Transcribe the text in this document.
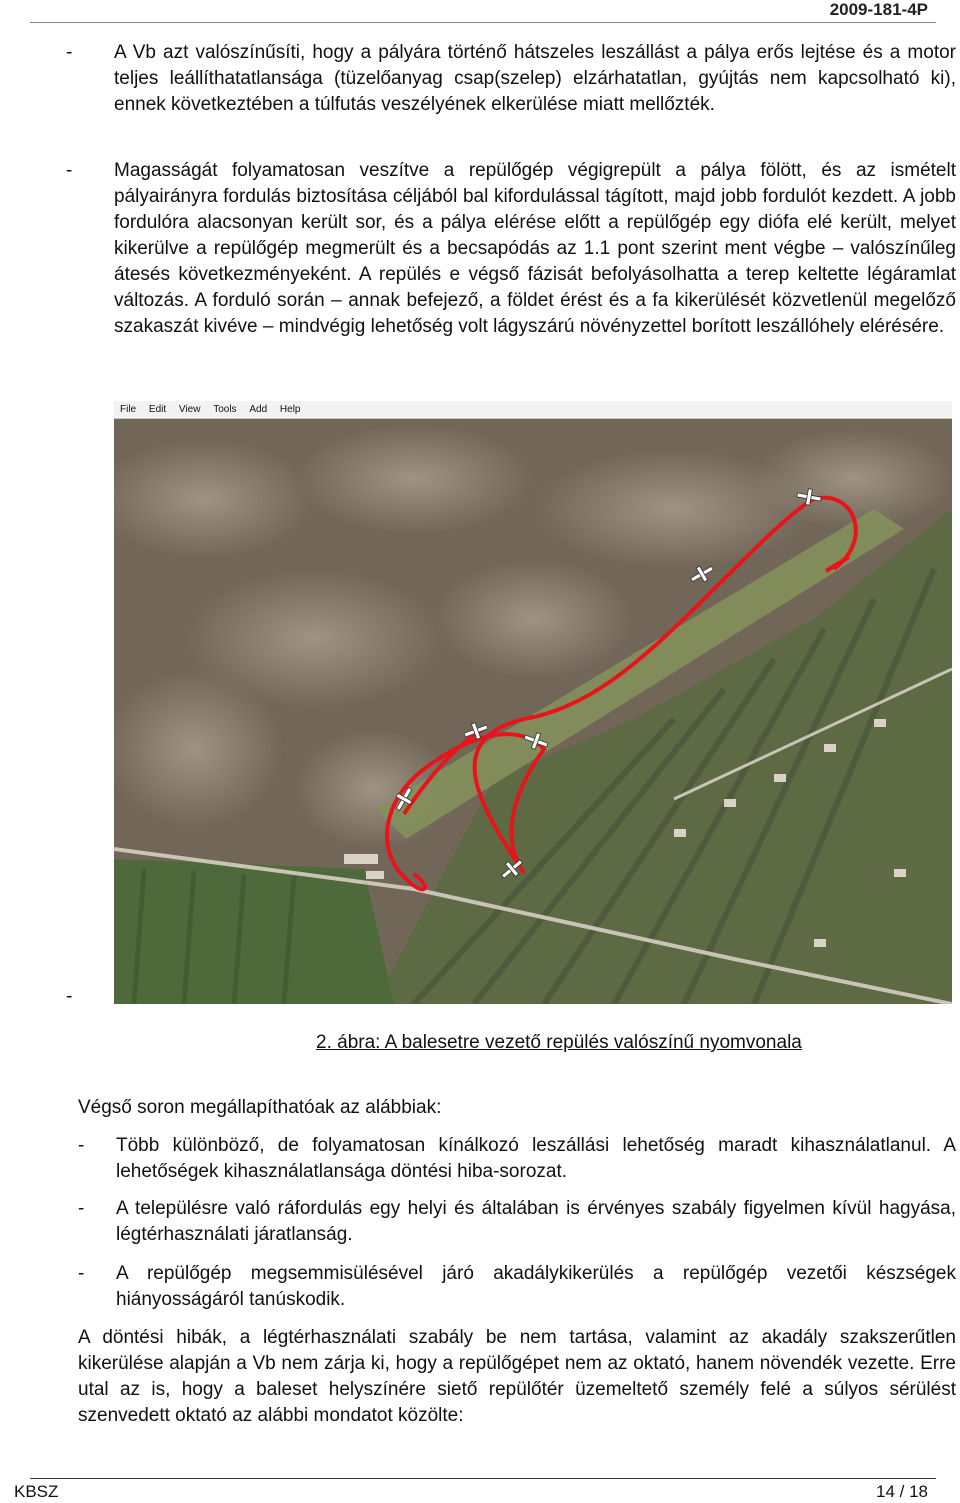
2009-181-4P
- A Vb azt valószínűsíti, hogy a pályára történő hátszeles leszállást a pálya erős lejtése és a motor teljes leállíthatatlansága (tüzelőanyag csap(szelep) elzárhatatlan, gyújtás nem kapcsolható ki), ennek következtében a túlfutás veszélyének elkerülése miatt mellőzték.
- Magasságát folyamatosan veszítve a repülőgép végigrepült a pálya fölött, és az ismételt pályairányra fordulás biztosítása céljából bal kifordulással tágított, majd jobb fordulót kezdett. A jobb fordulóra alacsonyan került sor, és a pálya elérése előtt a repülőgép egy diófa elé került, melyet kikerülve a repülőgép megmerült és a becsapódás az 1.1 pont szerint ment végbe – valószínűleg átesés következményeként. A repülés e végső fázisát befolyásolhatta a terep keltette légáramlat változás. A forduló során – annak befejező, a földet érést és a fa kikerülését közvetlenül megelőző szakaszát kivéve – mindvégig lehetőség volt lágyszárú növényzettel borított leszállóhely elérésére.
-
File Edit View Tools Add Help
2. ábra: A balesetre vezető repülés valószínű nyomvonala
Végső soron megállapíthatóak az alábbiak:
- Több különböző, de folyamatosan kínálkozó leszállási lehetőség maradt kihasználatlanul. A lehetőségek kihasználatlansága döntési hiba-sorozat.
- A településre való ráfordulás egy helyi és általában is érvényes szabály figyelmen kívül hagyása, légtérhasználati járatlanság.
- A repülőgép megsemmisülésével járó akadálykikerülés a repülőgép vezetői készségek hiányosságáról tanúskodik.
A döntési hibák, a légtérhasználati szabály be nem tartása, valamint az akadály szakszerűtlen kikerülése alapján a Vb nem zárja ki, hogy a repülőgépet nem az oktató, hanem növendék vezette. Erre utal az is, hogy a baleset helyszínére siető repülőtér üzemeltető személy felé a súlyos sérülést szenvedett oktató az alábbi mondatot közölte:
KBSZ	14 / 18
